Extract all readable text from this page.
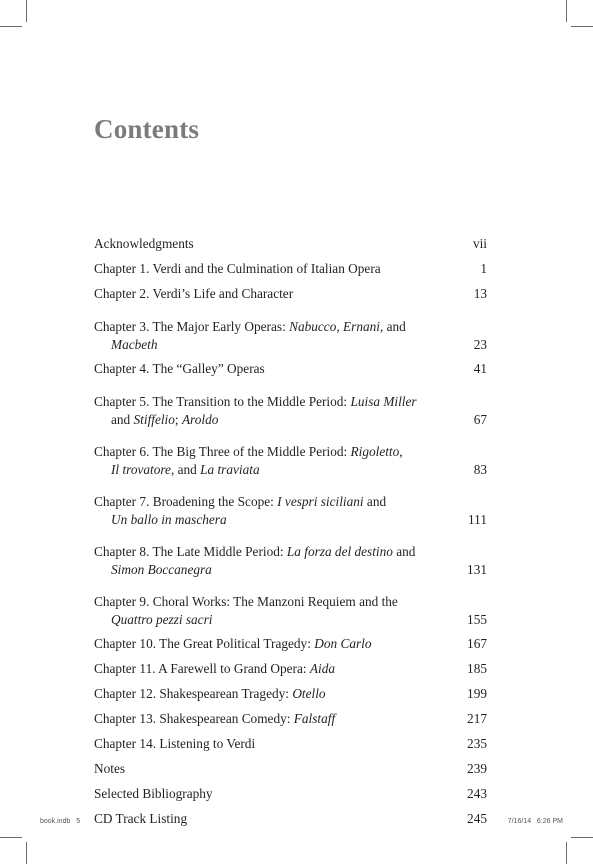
Contents
Acknowledgments	vii
Chapter 1. Verdi and the Culmination of Italian Opera	1
Chapter 2. Verdi’s Life and Character	13
Chapter 3. The Major Early Operas: Nabucco, Ernani, and
Macbeth	23
Chapter 4. The “Galley” Operas	41
Chapter 5. The Transition to the Middle Period: Luisa Miller
and Stiffelio; Aroldo	67
Chapter 6. The Big Three of the Middle Period: Rigoletto,
Il trovatore, and La traviata	83
Chapter 7. Broadening the Scope: I vespri siciliani and
Un ballo in maschera	111
Chapter 8. The Late Middle Period: La forza del destino and
Simon Boccanegra	131
Chapter 9. Choral Works: The Manzoni Requiem and the
Quattro pezzi sacri	155
Chapter 10. The Great Political Tragedy: Don Carlo	167
Chapter 11. A Farewell to Grand Opera: Aida	185
Chapter 12. Shakespearean Tragedy: Otello	199
Chapter 13. Shakespearean Comedy: Falstaff	217
Chapter 14. Listening to Verdi	235
Notes	239
Selected Bibliography	243
CD Track Listing	245
book.indb   5	7/16/14   6:26 PM
